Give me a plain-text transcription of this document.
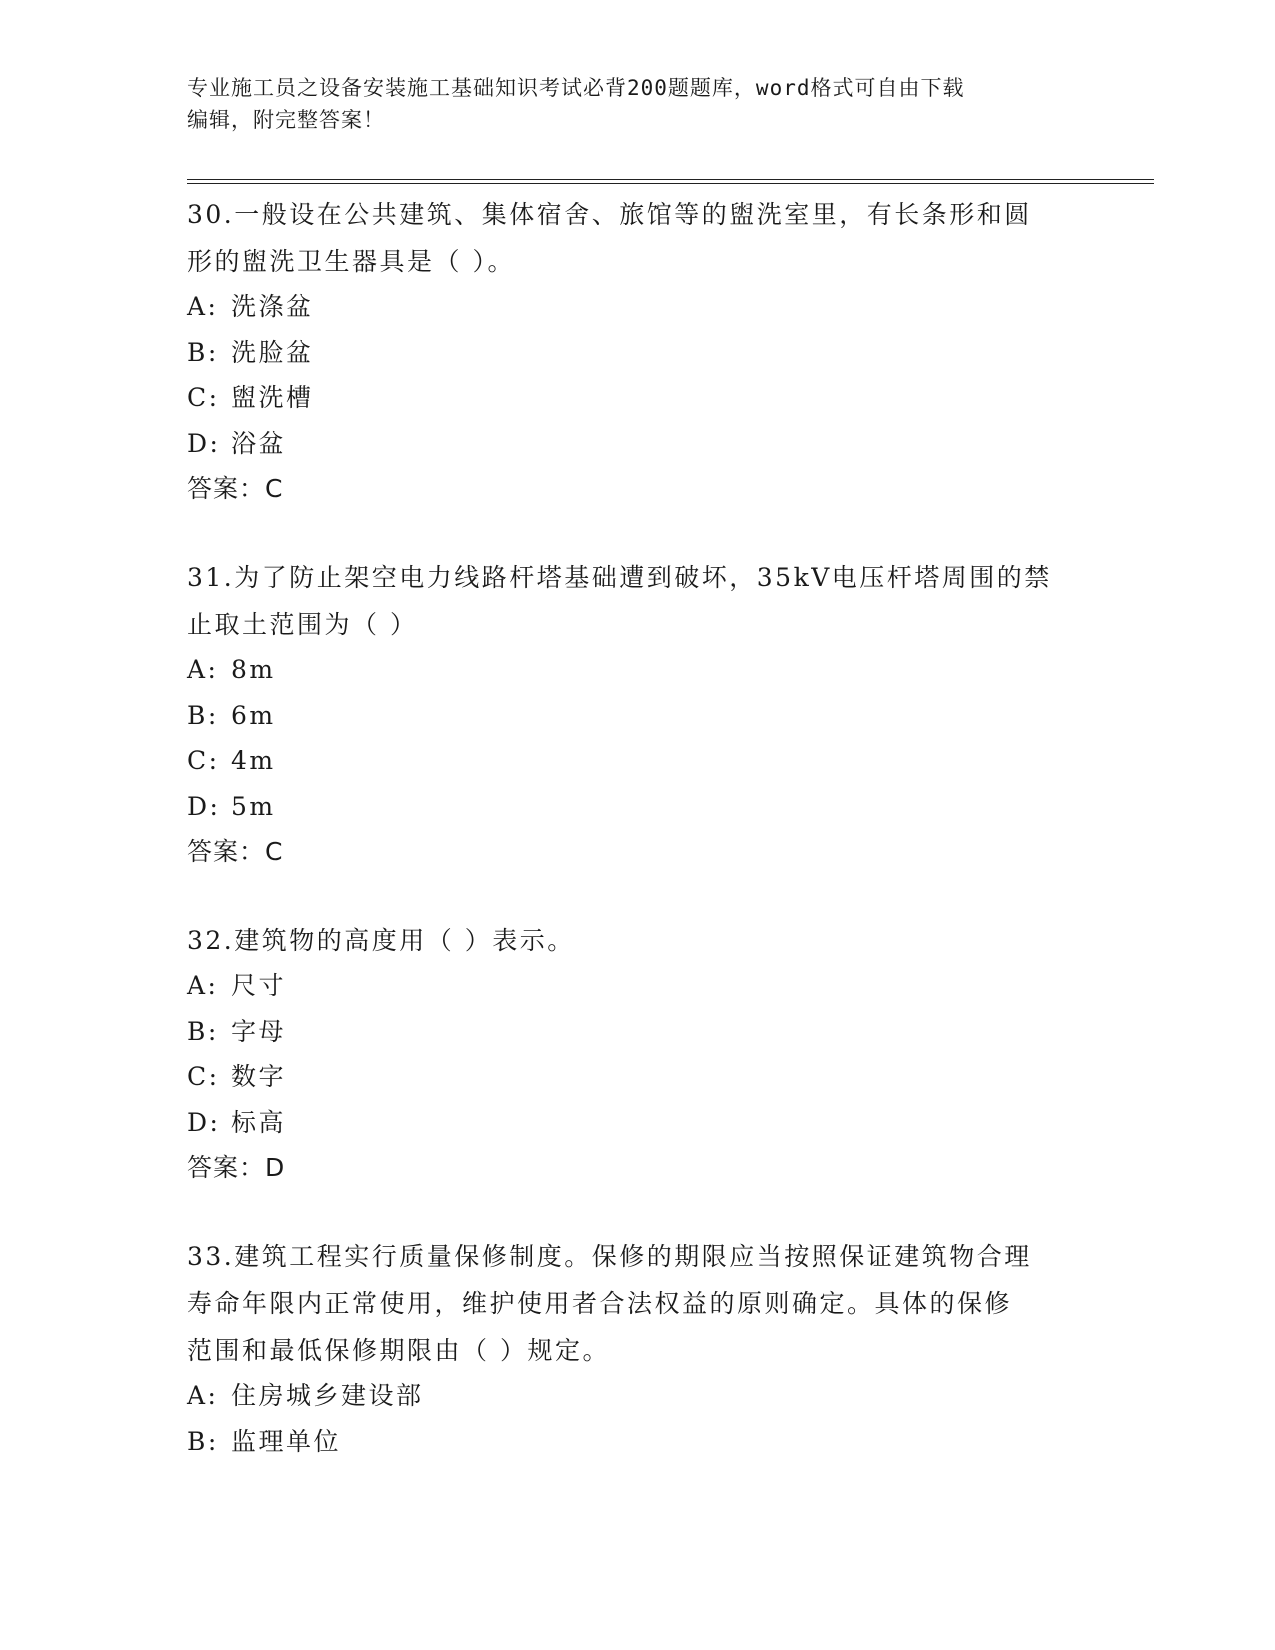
专业施工员之设备安装施工基础知识考试必背200题题库，word格式可自由下载
编辑，附完整答案！
30.一般设在公共建筑、集体宿舍、旅馆等的盥洗室里，有长条形和圆
形的盥洗卫生器具是（ ）。
A: 洗涤盆
B: 洗脸盆
C: 盥洗槽
D: 浴盆
答案：C
31.为了防止架空电力线路杆塔基础遭到破坏，35kV电压杆塔周围的禁
止取土范围为（ ）
A: 8m
B: 6m
C: 4m
D: 5m
答案：C
32.建筑物的高度用（ ）表示。
A: 尺寸
B: 字母
C: 数字
D: 标高
答案：D
33.建筑工程实行质量保修制度。保修的期限应当按照保证建筑物合理
寿命年限内正常使用，维护使用者合法权益的原则确定。具体的保修
范围和最低保修期限由（ ）规定。
A: 住房城乡建设部
B: 监理单位
